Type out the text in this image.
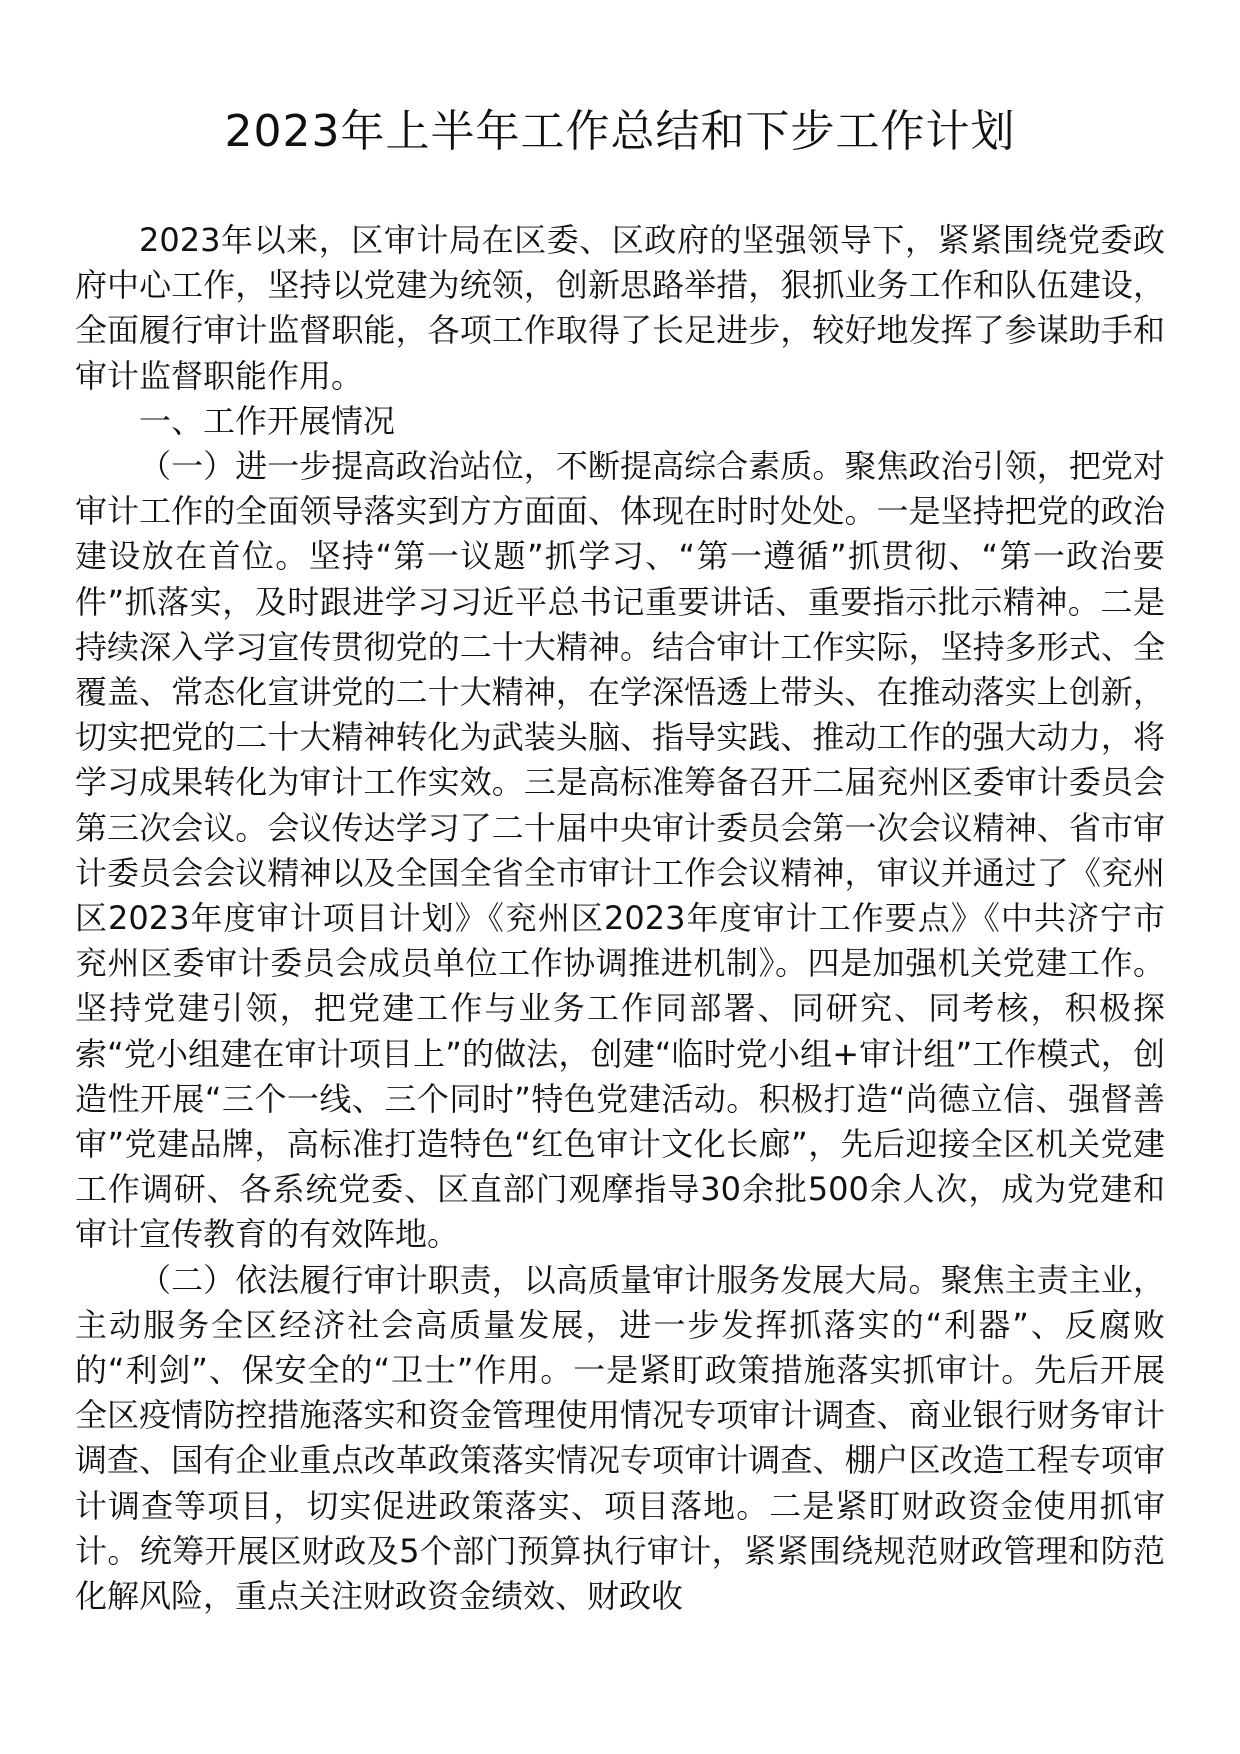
2023年上半年工作总结和下步工作计划

2023年以来，区审计局在区委、区政府的坚强领导下，紧紧围绕党委政府中心工作，坚持以党建为统领，创新思路举措，狠抓业务工作和队伍建设，全面履行审计监督职能，各项工作取得了长足进步，较好地发挥了参谋助手和审计监督职能作用。

一、工作开展情况

（一）进一步提高政治站位，不断提高综合素质。聚焦政治引领，把党对审计工作的全面领导落实到方方面面、体现在时时处处。一是坚持把党的政治建设放在首位。坚持“第一议题”抓学习、“第一遵循”抓贯彻、“第一政治要件”抓落实，及时跟进学习习近平总书记重要讲话、重要指示批示精神。二是持续深入学习宣传贯彻党的二十大精神。结合审计工作实际，坚持多形式、全覆盖、常态化宣讲党的二十大精神，在学深悟透上带头、在推动落实上创新，切实把党的二十大精神转化为武装头脑、指导实践、推动工作的强大动力，将学习成果转化为审计工作实效。三是高标准筹备召开二届兖州区委审计委员会第三次会议。会议传达学习了二十届中央审计委员会第一次会议精神、省市审计委员会会议精神以及全国全省全市审计工作会议精神，审议并通过了《兖州区2023年度审计项目计划》《兖州区2023年度审计工作要点》《中共济宁市兖州区委审计委员会成员单位工作协调推进机制》。四是加强机关党建工作。坚持党建引领，把党建工作与业务工作同部署、同研究、同考核，积极探索“党小组建在审计项目上”的做法，创建“临时党小组+审计组”工作模式，创造性开展“三个一线、三个同时”特色党建活动。积极打造“尚德立信、强督善审”党建品牌，高标准打造特色“红色审计文化长廊”，先后迎接全区机关党建工作调研、各系统党委、区直部门观摩指导30余批500余人次，成为党建和审计宣传教育的有效阵地。

（二）依法履行审计职责，以高质量审计服务发展大局。聚焦主责主业，主动服务全区经济社会高质量发展，进一步发挥抓落实的“利器”、反腐败的“利剑”、保安全的“卫士”作用。一是紧盯政策措施落实抓审计。先后开展全区疫情防控措施落实和资金管理使用情况专项审计调查、商业银行财务审计调查、国有企业重点改革政策落实情况专项审计调查、棚户区改造工程专项审计调查等项目，切实促进政策落实、项目落地。二是紧盯财政资金使用抓审计。统筹开展区财政及5个部门预算执行审计，紧紧围绕规范财政管理和防范化解风险，重点关注财政资金绩效、财政收
